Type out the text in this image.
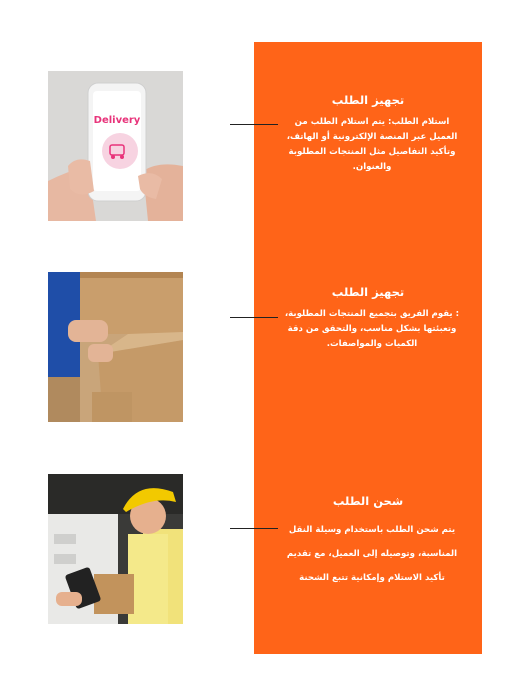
Delivery
تجهيز الطلب

استلام الطلب: يتم استلام الطلب من العميل عبر المنصة الإلكترونية أو الهاتف، وتأكيد التفاصيل مثل المنتجات المطلوبة والعنوان.

تجهيز الطلب

: يقوم الفريق بتجميع المنتجات المطلوبة، وتعبئتها بشكل مناسب، والتحقق من دقة الكميات والمواصفات.

شحن الطلب

يتم شحن الطلب باستخدام وسيلة النقل المناسبة، وتوصيله إلى العميل، مع تقديم تأكيد الاستلام وإمكانية تتبع الشحنة
